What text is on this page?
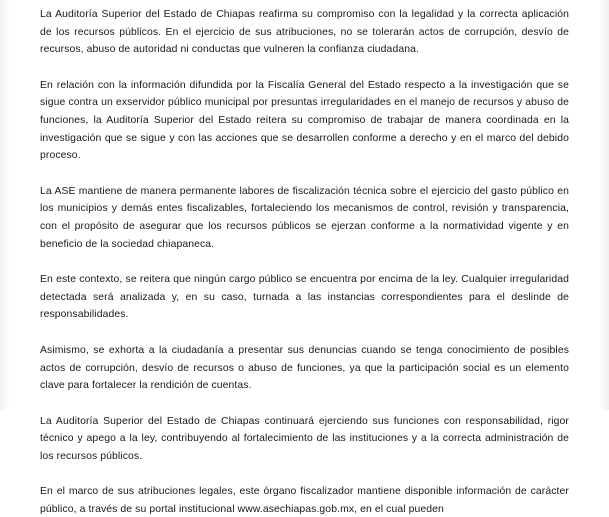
La Auditoría Superior del Estado de Chiapas reafirma su compromiso con la legalidad y la correcta aplicación de los recursos públicos. En el ejercicio de sus atribuciones, no se tolerarán actos de corrupción, desvío de recursos, abuso de autoridad ni conductas que vulneren la confianza ciudadana.

En relación con la información difundida por la Fiscalía General del Estado respecto a la investigación que se sigue contra un exservidor público municipal por presuntas irregularidades en el manejo de recursos y abuso de funciones, la Auditoría Superior del Estado reitera su compromiso de trabajar de manera coordinada en la investigación que se sigue y con las acciones que se desarrollen conforme a derecho y en el marco del debido proceso.

La ASE mantiene de manera permanente labores de fiscalización técnica sobre el ejercicio del gasto público en los municipios y demás entes fiscalizables, fortaleciendo los mecanismos de control, revisión y transparencia, con el propósito de asegurar que los recursos públicos se ejerzan conforme a la normatividad vigente y en beneficio de la sociedad chiapaneca.

En este contexto, se reitera que ningún cargo público se encuentra por encima de la ley. Cualquier irregularidad detectada será analizada y, en su caso, turnada a las instancias correspondientes para el deslinde de responsabilidades.

Asimismo, se exhorta a la ciudadanía a presentar sus denuncias cuando se tenga conocimiento de posibles actos de corrupción, desvío de recursos o abuso de funciones, ya que la participación social es un elemento clave para fortalecer la rendición de cuentas.

La Auditoría Superior del Estado de Chiapas continuará ejerciendo sus funciones con responsabilidad, rigor técnico y apego a la ley, contribuyendo al fortalecimiento de las instituciones y a la correcta administración de los recursos públicos.

En el marco de sus atribuciones legales, este órgano fiscalizador mantiene disponible información de carácter público, a través de su portal institucional www.asechiapas.gob.mx, en el cual pueden
